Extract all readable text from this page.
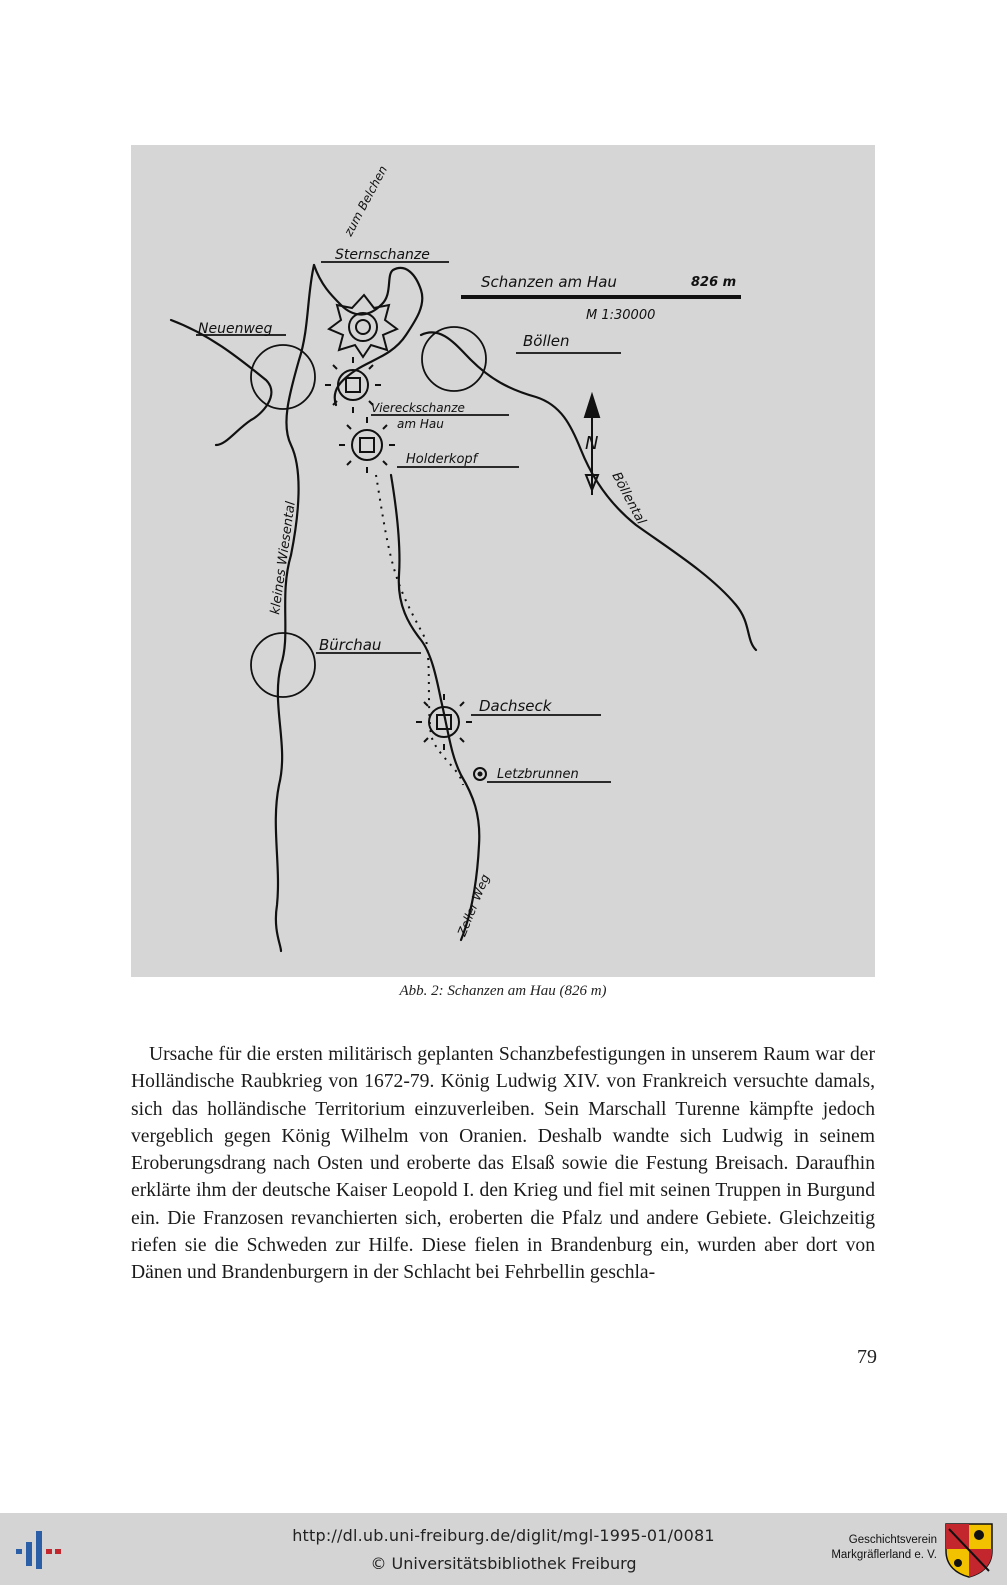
zum Belchen
Sternschanze
Schanzen am Hau	826 m
M 1:30000
Neuenweg
Böllen
Viereckschanze
am Hau
Holderkopf
N
Böllental
kleines Wiesental
Bürchau
Dachseck
Letzbrunnen
Zeller Weg
Abb. 2: Schanzen am Hau (826 m)

Ursache für die ersten militärisch geplanten Schanzbefestigungen in unserem Raum war der Holländische Raubkrieg von 1672-79. König Ludwig XIV. von Frankreich versuchte damals, sich das holländische Territorium einzuverleiben. Sein Marschall Turenne kämpfte jedoch vergeblich gegen König Wilhelm von Oranien. Deshalb wandte sich Ludwig in seinem Eroberungsdrang nach Osten und eroberte das Elsaß sowie die Festung Breisach. Daraufhin erklärte ihm der deutsche Kaiser Leopold I. den Krieg und fiel mit seinen Truppen in Burgund ein. Die Franzosen revanchierten sich, eroberten die Pfalz und andere Gebiete. Gleichzeitig riefen sie die Schweden zur Hilfe. Diese fielen in Brandenburg ein, wurden aber dort von Dänen und Brandenburgern in der Schlacht bei Fehrbellin geschla-

79
http://dl.ub.uni-freiburg.de/diglit/mgl-1995-01/0081
© Universitätsbibliothek Freiburg
Geschichtsverein
Markgräflerland e. V.
